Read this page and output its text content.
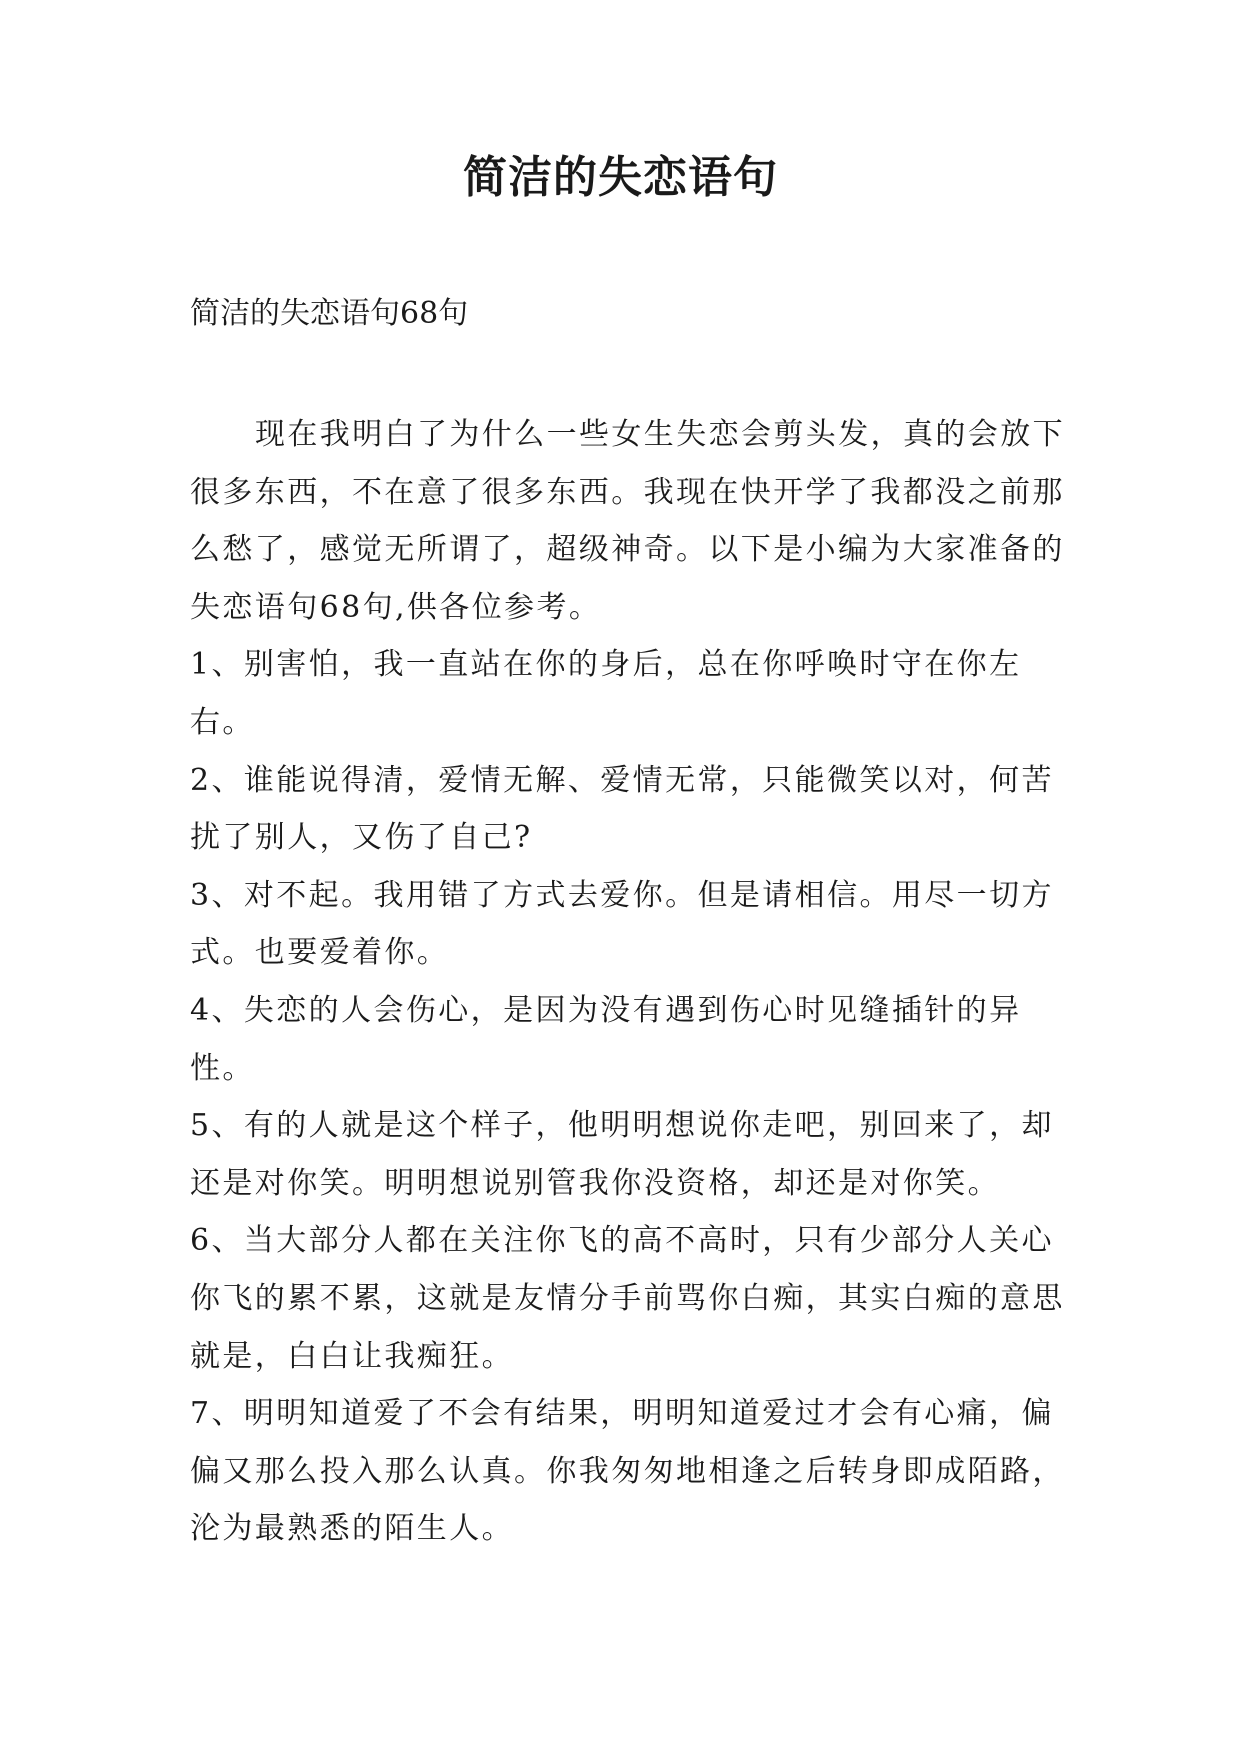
简洁的失恋语句

简洁的失恋语句68句

现在我明白了为什么一些女生失恋会剪头发，真的会放下很多东西，不在意了很多东西。我现在快开学了我都没之前那么愁了，感觉无所谓了，超级神奇。以下是小编为大家准备的失恋语句68句,供各位参考。

1、别害怕，我一直站在你的身后，总在你呼唤时守在你左右。

2、谁能说得清，爱情无解、爱情无常，只能微笑以对，何苦扰了别人，又伤了自己?

3、对不起。我用错了方式去爱你。但是请相信。用尽一切方式。也要爱着你。

4、失恋的人会伤心，是因为没有遇到伤心时见缝插针的异性。

5、有的人就是这个样子，他明明想说你走吧，别回来了，却还是对你笑。明明想说别管我你没资格，却还是对你笑。

6、当大部分人都在关注你飞的高不高时，只有少部分人关心你飞的累不累，这就是友情分手前骂你白痴，其实白痴的意思就是，白白让我痴狂。

7、明明知道爱了不会有结果，明明知道爱过才会有心痛，偏偏又那么投入那么认真。你我匆匆地相逢之后转身即成陌路，沦为最熟悉的陌生人。
